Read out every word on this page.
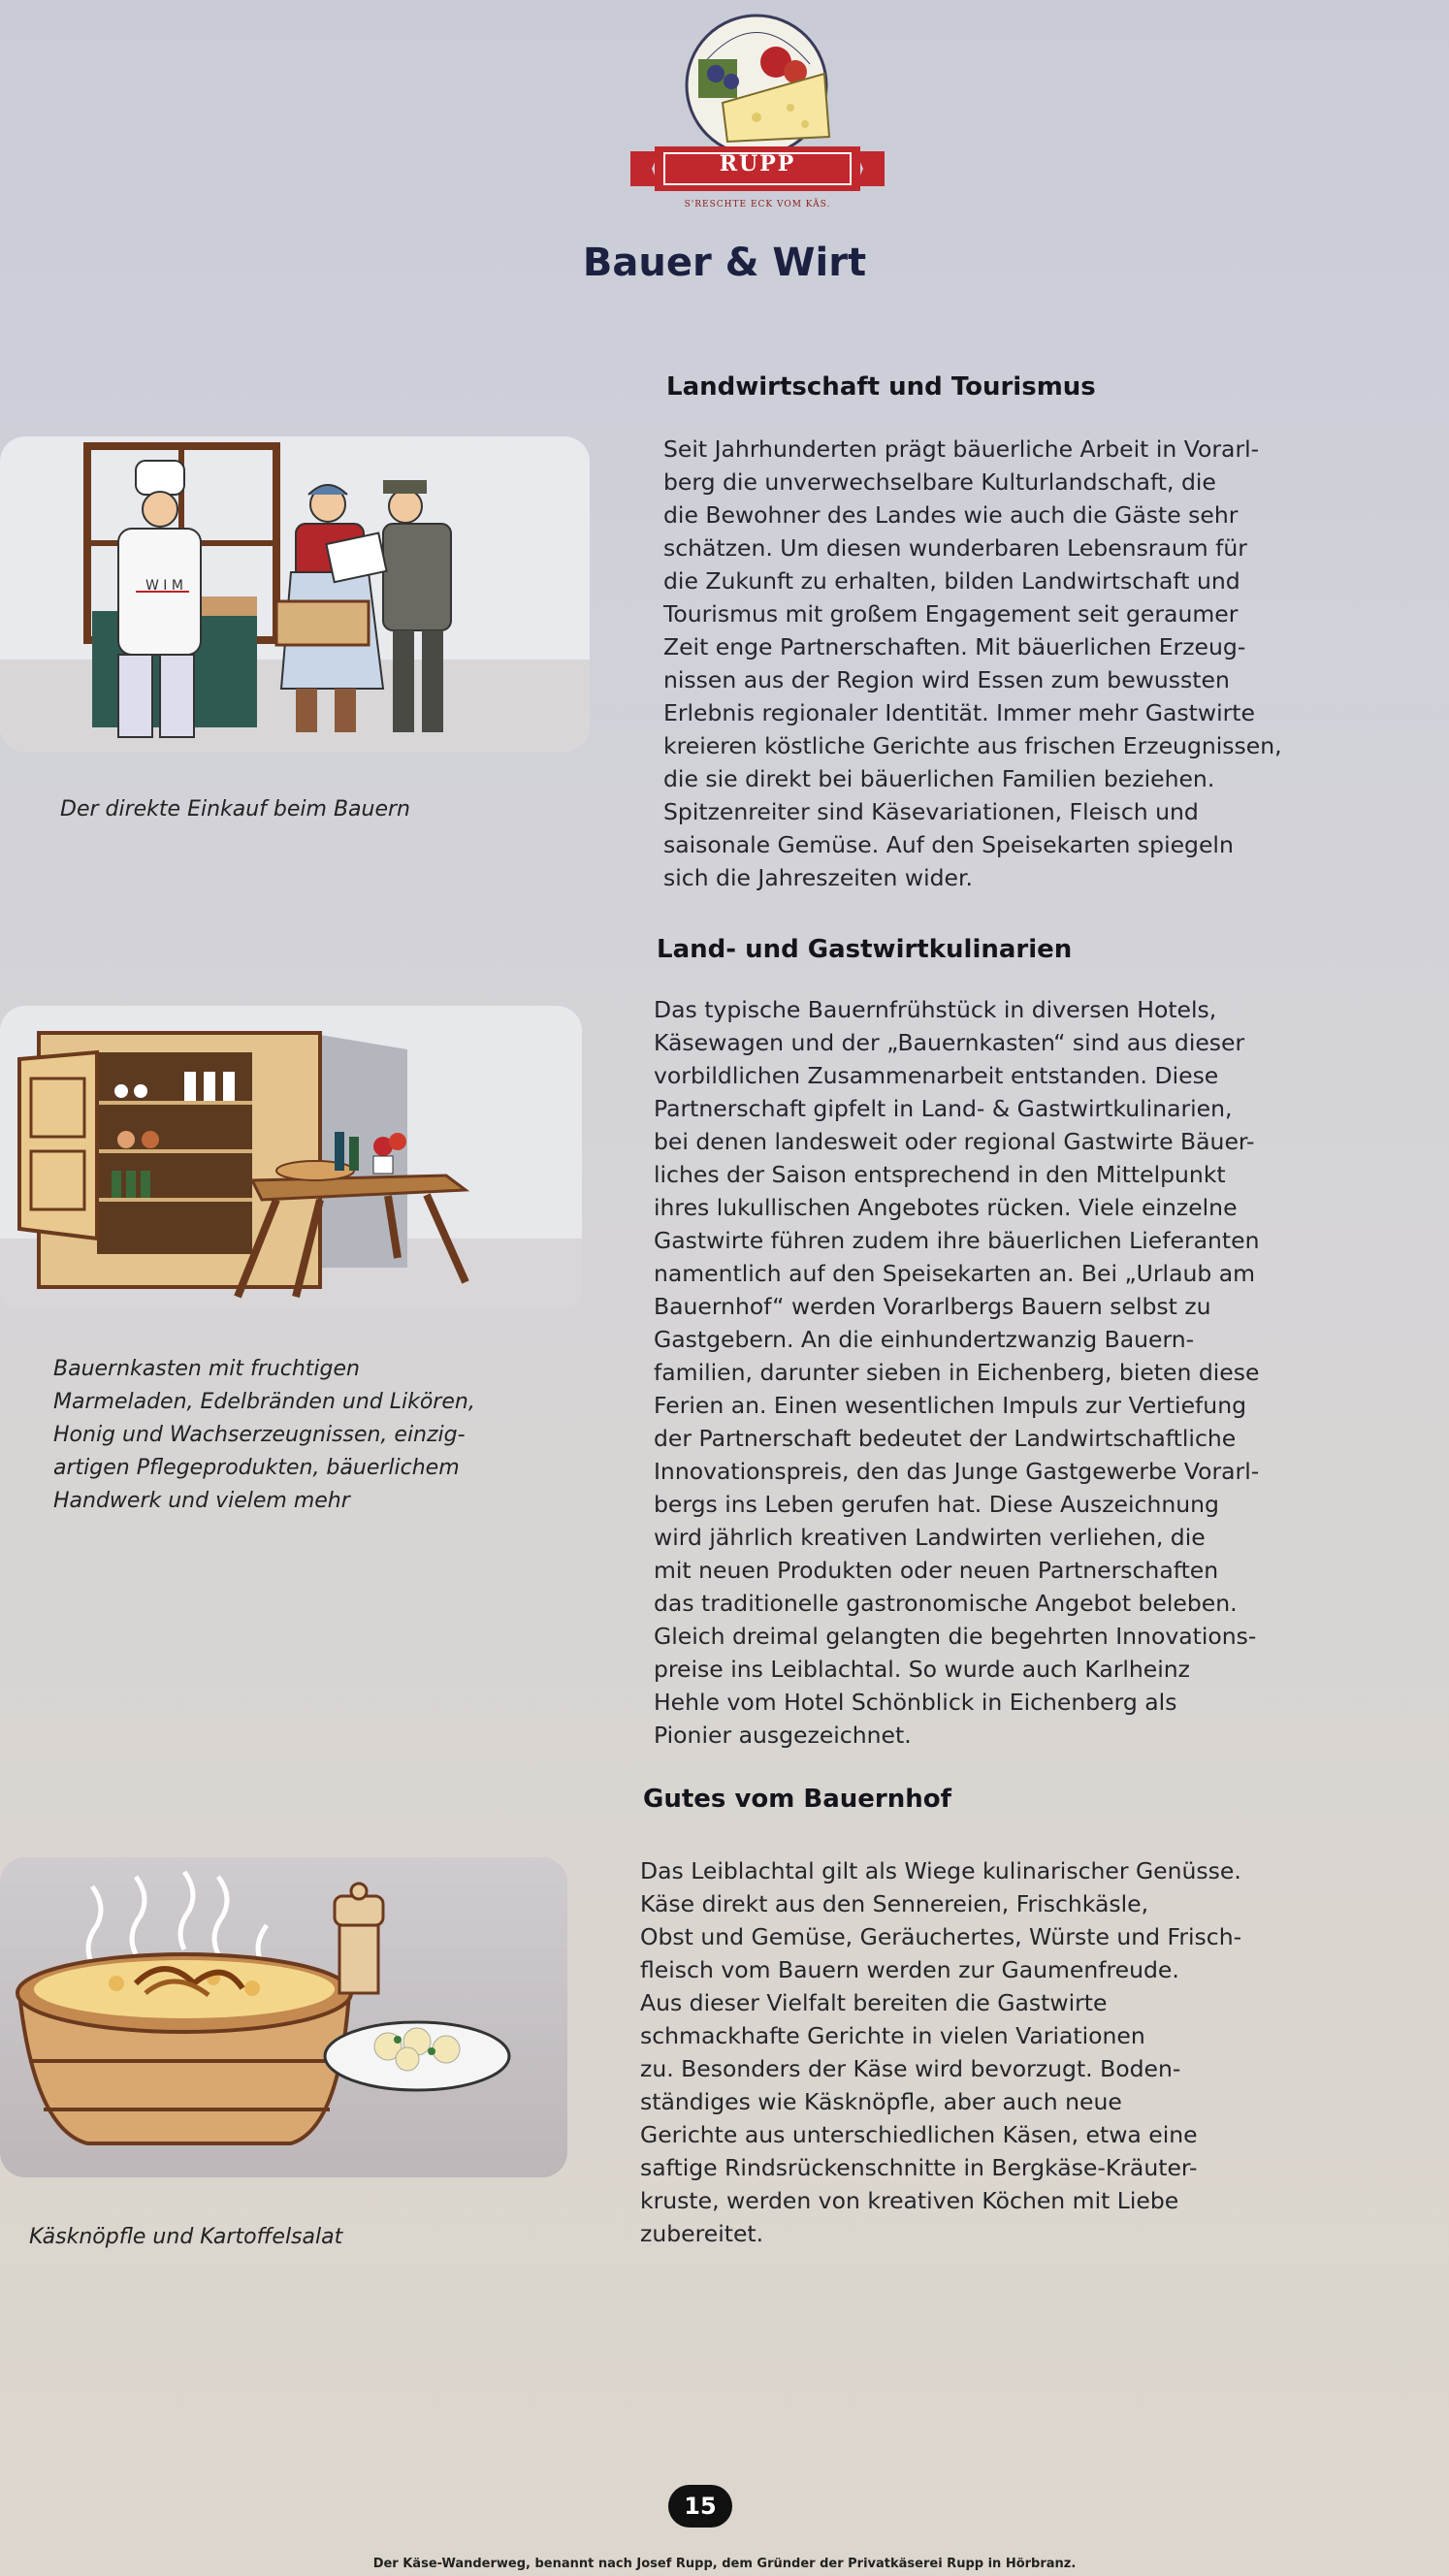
RUPP
S'RESCHTE ECK VOM KÄS.
Bauer & Wirt
Landwirtschaft und Tourismus
Seit Jahrhunderten prägt bäuerliche Arbeit in Vorarl-
berg die unverwechselbare Kulturlandschaft, die
die Bewohner des Landes wie auch die Gäste sehr
schätzen. Um diesen wunderbaren Lebensraum für
die Zukunft zu erhalten, bilden Landwirtschaft und
Tourismus mit großem Engagement seit geraumer
Zeit enge Partnerschaften. Mit bäuerlichen Erzeug-
nissen aus der Region wird Essen zum bewussten
Erlebnis regionaler Identität. Immer mehr Gastwirte
kreieren köstliche Gerichte aus frischen Erzeugnissen,
die sie direkt bei bäuerlichen Familien beziehen.
Spitzenreiter sind Käsevariationen, Fleisch und
saisonale Gemüse. Auf den Speisekarten spiegeln
sich die Jahreszeiten wider.
Land- und Gastwirtkulinarien
Das typische Bauernfrühstück in diversen Hotels,
Käsewagen und der „Bauernkasten“ sind aus dieser
vorbildlichen Zusammenarbeit entstanden. Diese
Partnerschaft gipfelt in Land- & Gastwirtkulinarien,
bei denen landesweit oder regional Gastwirte Bäuer-
liches der Saison entsprechend in den Mittelpunkt
ihres lukullischen Angebotes rücken. Viele einzelne
Gastwirte führen zudem ihre bäuerlichen Lieferanten
namentlich auf den Speisekarten an. Bei „Urlaub am
Bauernhof“ werden Vorarlbergs Bauern selbst zu
Gastgebern. An die einhundertzwanzig Bauern-
familien, darunter sieben in Eichenberg, bieten diese
Ferien an. Einen wesentlichen Impuls zur Vertiefung
der Partnerschaft bedeutet der Landwirtschaftliche
Innovationspreis, den das Junge Gastgewerbe Vorarl-
bergs ins Leben gerufen hat. Diese Auszeichnung
wird jährlich kreativen Landwirten verliehen, die
mit neuen Produkten oder neuen Partnerschaften
das traditionelle gastronomische Angebot beleben.
Gleich dreimal gelangten die begehrten Innovations-
preise ins Leiblachtal. So wurde auch Karlheinz
Hehle vom Hotel Schönblick in Eichenberg als
Pionier ausgezeichnet.
Gutes vom Bauernhof
Das Leiblachtal gilt als Wiege kulinarischer Genüsse.
Käse direkt aus den Sennereien, Frischkäsle,
Obst und Gemüse, Geräuchertes, Würste und Frisch-
fleisch vom Bauern werden zur Gaumenfreude.
Aus dieser Vielfalt bereiten die Gastwirte
schmackhafte Gerichte in vielen Variationen
zu. Besonders der Käse wird bevorzugt. Boden-
ständiges wie Käsknöpfle, aber auch neue
Gerichte aus unterschiedlichen Käsen, etwa eine
saftige Rindsrückenschnitte in Bergkäse-Kräuter-
kruste, werden von kreativen Köchen mit Liebe
zubereitet.
W I M
Der direkte Einkauf beim Bauern
Bauernkasten mit fruchtigen
Marmeladen, Edelbränden und Likören,
Honig und Wachserzeugnissen, einzig-
artigen Pflegeprodukten, bäuerlichem
Handwerk und vielem mehr
Käsknöpfle und Kartoffelsalat
15
Der Käse-Wanderweg, benannt nach Josef Rupp, dem Gründer der Privatkäserei Rupp in Hörbranz.
